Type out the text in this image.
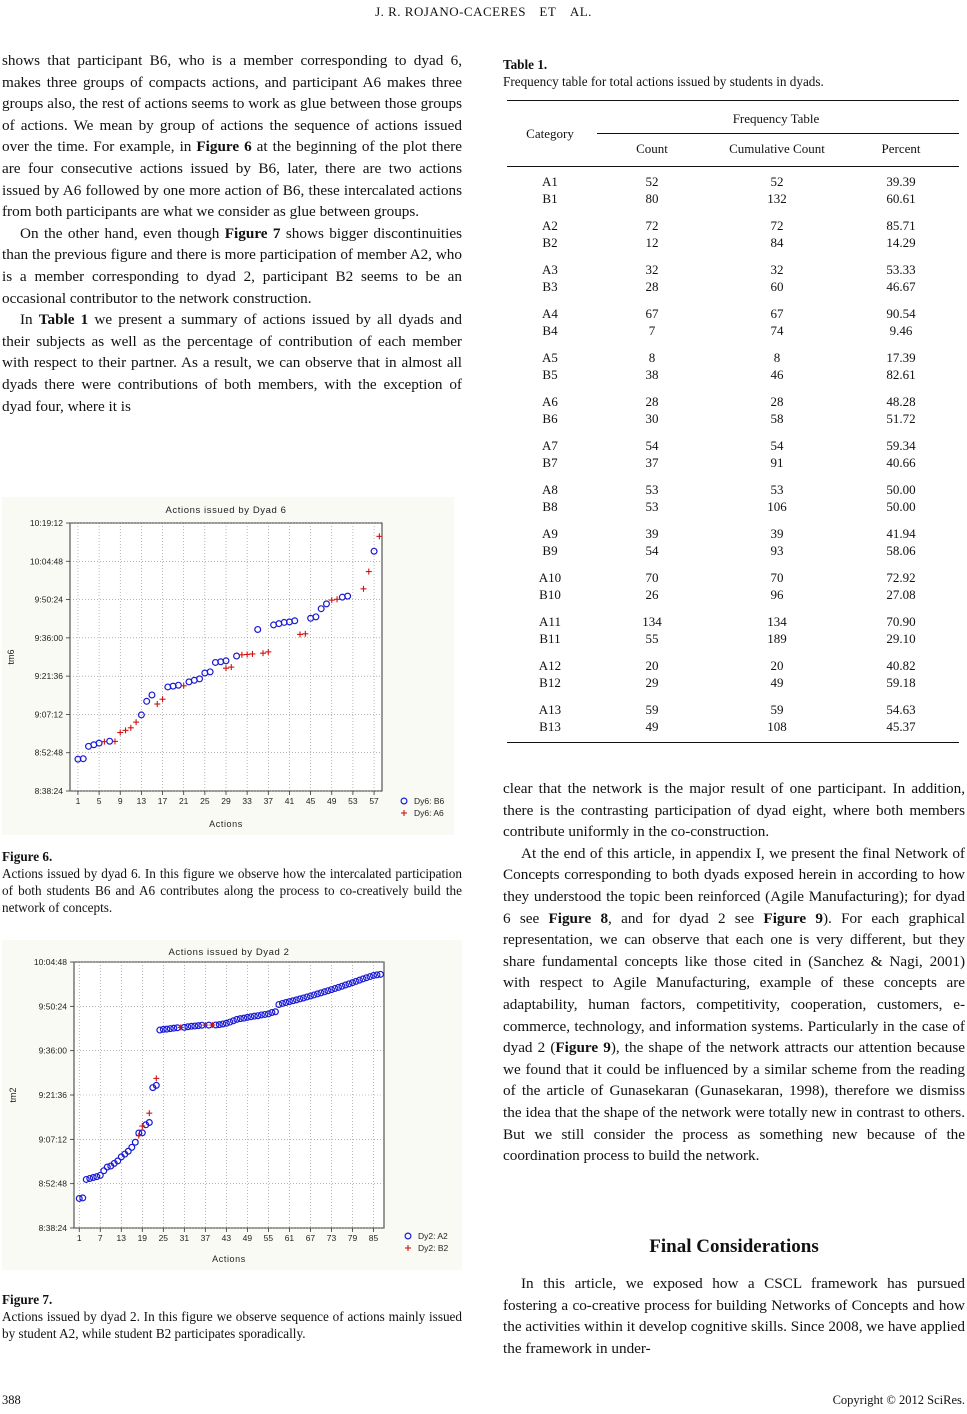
J. R. ROJANO-CACERES ET AL.

shows that participant B6, who is a member corresponding to dyad 6, makes three groups of compacts actions, and participant A6 makes three groups also, the rest of actions seems to work as glue between those groups of actions. We mean by group of actions the sequence of actions issued over the time. For example, in Figure 6 at the beginning of the plot there are four consecutive actions issued by B6, later, there are two actions issued by A6 followed by one more action of B6, these intercalated actions from both participants are what we consider as glue between groups.

On the other hand, even though Figure 7 shows bigger discontinuities than the previous figure and there is more participation of member A2, who is a member corresponding to dyad 2, participant B2 seems to be an occasional contributor to the network construction.

In Table 1 we present a summary of actions issued by all dyads and their subjects as well as the percentage of contribution of each member with respect to their partner. As a result, we can observe that in almost all dyads there were contributions of both members, with the exception of dyad four, where it is

Actions issued by Dyad 6
8:38:24
8:52:48
9:07:12
9:21:36
9:36:00
9:50:24
10:04:48
10:19:12
1 5 9 13 17 21 25 29 33 37 41 45 49 53 57
Actions
tm6
Dy6: B6
Dy6: A6
Figure 6.
Actions issued by dyad 6. In this figure we observe how the intercalated participation of both students B6 and A6 contributes along the process to co-creatively build the network of concepts.
Actions issued by Dyad 2
8:38:24
8:52:48
9:07:12
9:21:36
9:36:00
9:50:24
10:04:48
1 7 13 19 25 31 37 43 49 55 61 67 73 79 85
Actions
tm2
Dy2: A2
Dy2: B2
Figure 7.
Actions issued by dyad 2. In this figure we observe sequence of actions mainly issued by student A2, while student B2 participates sporadically.
Table 1.
Frequency table for total actions issued by students in dyads.
Category	Frequency Table		

	Count	Cumulative Count	Percent
A1	52	52	39.39
B1	80	132	60.61
A2	72	72	85.71
B2	12	84	14.29
A3	32	32	53.33
B3	28	60	46.67
A4	67	67	90.54
B4	7	74	9.46
A5	8	8	17.39
B5	38	46	82.61
A6	28	28	48.28
B6	30	58	51.72
A7	54	54	59.34
B7	37	91	40.66
A8	53	53	50.00
B8	53	106	50.00
A9	39	39	41.94
B9	54	93	58.06
A10	70	70	72.92
B10	26	96	27.08
A11	134	134	70.90
B11	55	189	29.10
A12	20	20	40.82
B12	29	49	59.18
A13	59	59	54.63
B13	49	108	45.37

clear that the network is the major result of one participant. In addition, there is the contrasting participation of dyad eight, where both members contribute uniformly in the co-construction.

At the end of this article, in appendix I, we present the final Network of Concepts corresponding to both dyads exposed herein in according to how they understood the topic been reinforced (Agile Manufacturing); for dyad 6 see Figure 8, and for dyad 2 see Figure 9). For each graphical representation, we can observe that each one is very different, but they share fundamental concepts like those cited in (Sanchez & Nagi, 2001) with respect to Agile Manufacturing, example of these concepts are adaptability, human factors, competitivity, cooperation, customers, e-commerce, technology, and information systems. Particularly in the case of dyad 2 (Figure 9), the shape of the network attracts our attention because we found that it could be influenced by a similar scheme from the reading of the article of Gunasekaran (Gunasekaran, 1998), therefore we dismiss the idea that the shape of the network were totally new in contrast to others. But we still consider the process as something new because of the coordination process to build the network.

Final Considerations

In this article, we exposed how a CSCL framework has pursued fostering a co-creative process for building Networks of Concepts and how the activities within it develop cognitive skills. Since 2008, we have applied the framework in under-

388	Copyright © 2012 SciRes.
